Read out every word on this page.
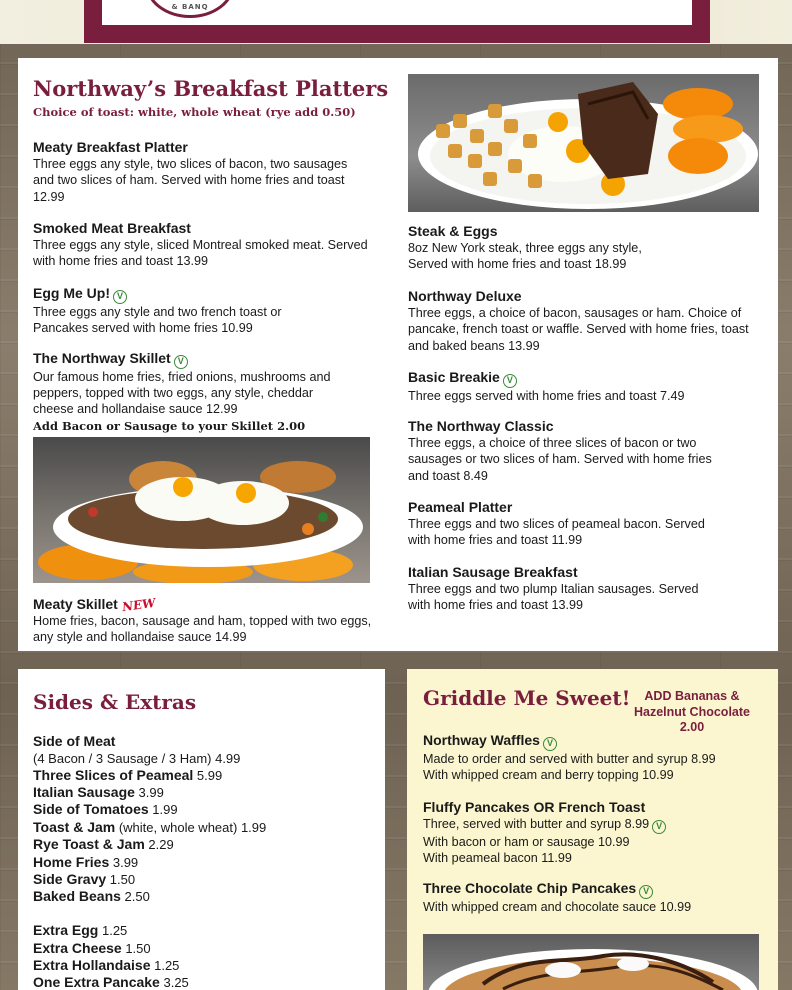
& BANQ
Northway’s Breakfast Platters
Choice of toast: white, whole wheat (rye add 0.50)
Meaty Breakfast Platter
Three eggs any style, two slices of bacon, two sausages and two slices of ham. Served with home fries and toast 12.99
Smoked Meat Breakfast
Three eggs any style, sliced Montreal smoked meat. Served with home fries and toast 13.99
Egg Me Up! V
Three eggs any style and two french toast or Pancakes served with home fries 10.99
The Northway Skillet V
Our famous home fries, fried onions, mushrooms and peppers, topped with two eggs, any style, cheddar cheese and hollandaise sauce 12.99
Add Bacon or Sausage to your Skillet 2.00
Meaty Skillet NEW
Home fries, bacon, sausage and ham, topped with two eggs, any style and hollandaise sauce 14.99
Steak & Eggs
8oz New York steak, three eggs any style, Served with home fries and toast 18.99
Northway Deluxe
Three eggs, a choice of bacon, sausages or ham. Choice of pancake, french toast or waffle. Served with home fries, toast and baked beans 13.99
Basic Breakie V
Three eggs served with home fries and toast 7.49
The Northway Classic
Three eggs, a choice of three slices of bacon or two sausages or two slices of ham. Served with home fries and toast 8.49
Peameal Platter
Three eggs and two slices of peameal bacon. Served with home fries and toast 11.99
Italian Sausage Breakfast
Three eggs and two plump Italian sausages. Served with home fries and toast 13.99
Sides & Extras
Side of Meat
(4 Bacon / 3 Sausage / 3 Ham) 4.99
Three Slices of Peameal 5.99
Italian Sausage 3.99
Side of Tomatoes 1.99
Toast & Jam (white, whole wheat) 1.99
Rye Toast & Jam 2.29
Home Fries 3.99
Side Gravy 1.50
Baked Beans 2.50
Extra Egg 1.25
Extra Cheese 1.50
Extra Hollandaise 1.25
One Extra Pancake 3.25
Griddle Me Sweet!	ADD Bananas &
Hazelnut Chocolate
2.00
Northway Waffles V
Made to order and served with butter and syrup 8.99
With whipped cream and berry topping 10.99
Fluffy Pancakes OR French Toast
Three, served with butter and syrup 8.99 V
With bacon or ham or sausage 10.99
With peameal bacon 11.99
Three Chocolate Chip Pancakes V
With whipped cream and chocolate sauce 10.99
